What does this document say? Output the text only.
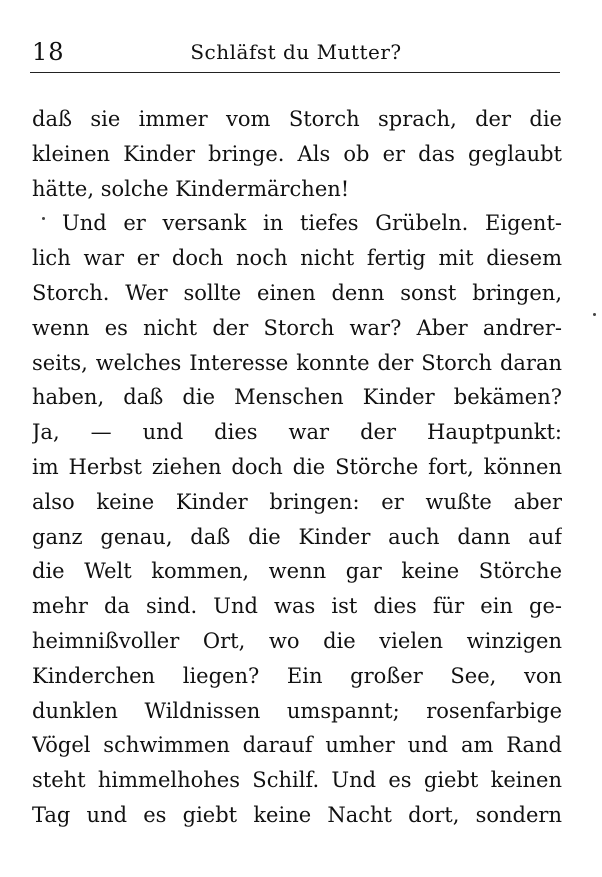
18	Schläfst du Mutter?
daß sie immer vom Storch sprach, der die
kleinen Kinder bringe. Als ob er das geglaubt
hätte, solche Kindermärchen!
Und er versank in tiefes Grübeln. Eigent-
lich war er doch noch nicht fertig mit diesem
Storch. Wer sollte einen denn sonst bringen,
wenn es nicht der Storch war? Aber andrer-
seits, welches Interesse konnte der Storch daran
haben, daß die Menschen Kinder bekämen?
Ja, — und dies war der Hauptpunkt:
im Herbst ziehen doch die Störche fort, können
also keine Kinder bringen: er wußte aber
ganz genau, daß die Kinder auch dann auf
die Welt kommen, wenn gar keine Störche
mehr da sind. Und was ist dies für ein ge-
heimnißvoller Ort, wo die vielen winzigen
Kinderchen liegen? Ein großer See, von
dunklen Wildnissen umspannt; rosenfarbige
Vögel schwimmen darauf umher und am Rand
steht himmelhohes Schilf. Und es giebt keinen
Tag und es giebt keine Nacht dort, sondern
